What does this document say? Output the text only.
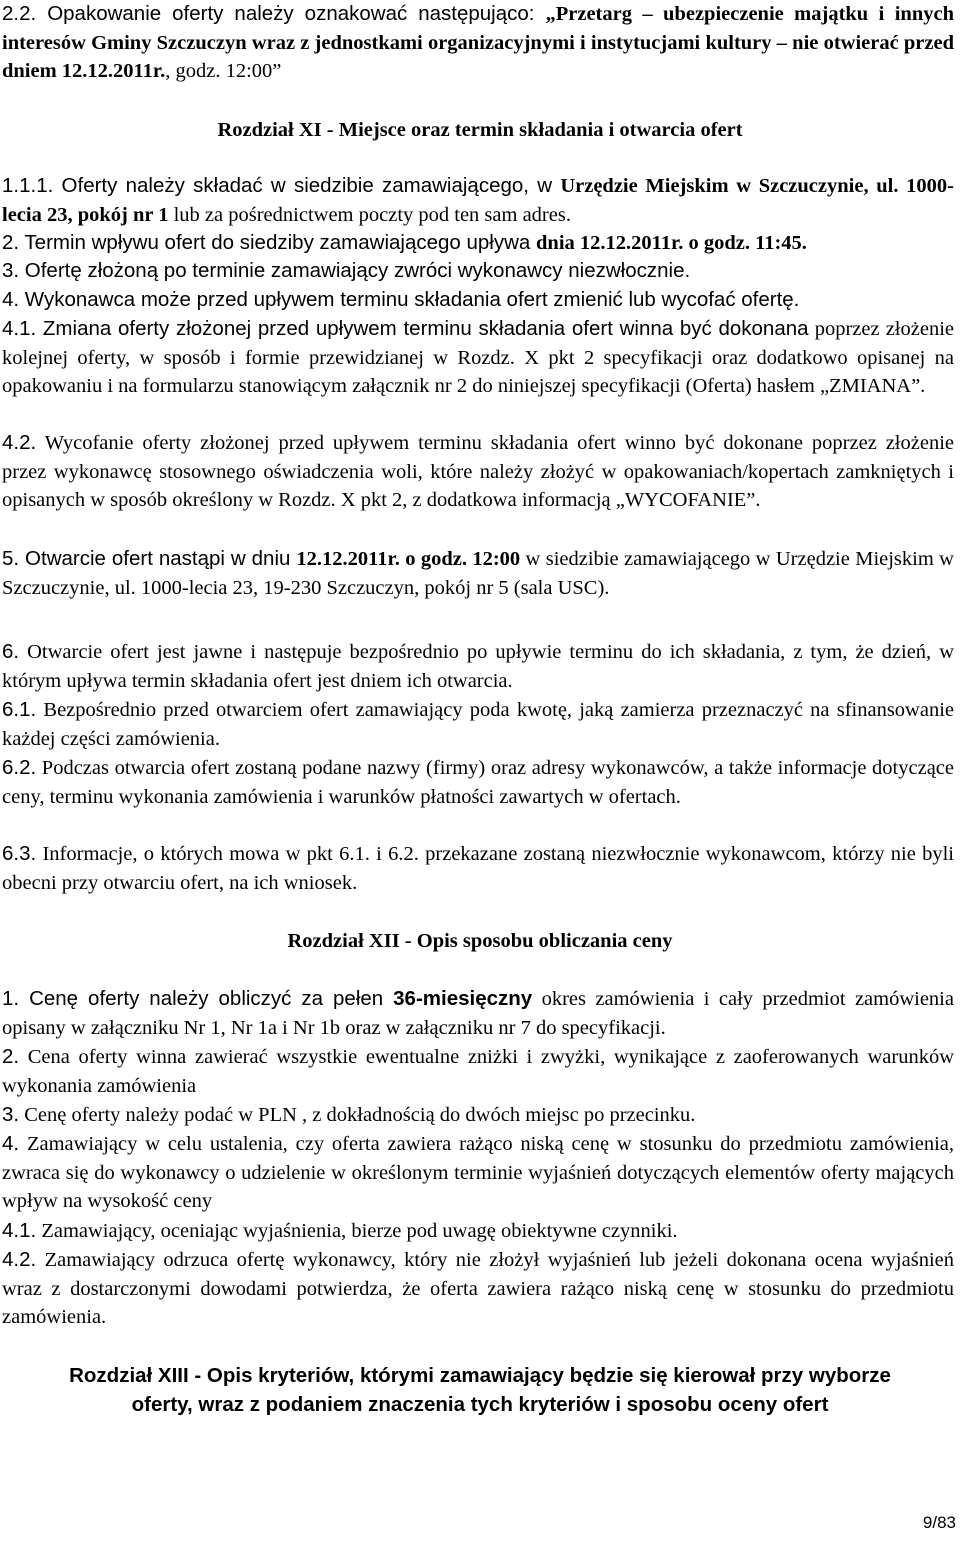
2.2. Opakowanie oferty należy oznakować następująco: „Przetarg – ubezpieczenie majątku i innych interesów Gminy Szczuczyn wraz z jednostkami organizacyjnymi i instytucjami kultury – nie otwierać przed dniem 12.12.2011r., godz. 12:00”
Rozdział XI - Miejsce oraz termin składania i otwarcia ofert
1.1.1. Oferty należy składać w siedzibie zamawiającego, w Urzędzie Miejskim w Szczuczynie, ul. 1000-lecia 23, pokój nr 1 lub za pośrednictwem poczty pod ten sam adres.
2. Termin wpływu ofert do siedziby zamawiającego upływa dnia 12.12.2011r. o godz. 11:45.
3. Ofertę złożoną po terminie zamawiający zwróci wykonawcy niezwłocznie.
4. Wykonawca może przed upływem terminu składania ofert zmienić lub wycofać ofertę.
4.1. Zmiana oferty złożonej przed upływem terminu składania ofert winna być dokonana poprzez złożenie kolejnej oferty, w sposób i formie przewidzianej w Rozdz. X pkt 2 specyfikacji oraz dodatkowo opisanej na opakowaniu i na formularzu stanowiącym załącznik nr 2 do niniejszej specyfikacji (Oferta) hasłem „ZMIANA”.
4.2. Wycofanie oferty złożonej przed upływem terminu składania ofert winno być dokonane poprzez złożenie przez wykonawcę stosownego oświadczenia woli, które należy złożyć w opakowaniach/kopertach zamkniętych i opisanych w sposób określony w Rozdz. X pkt 2, z dodatkowa informacją „WYCOFANIE”.
5. Otwarcie ofert nastąpi w dniu 12.12.2011r. o godz. 12:00 w siedzibie zamawiającego w Urzędzie Miejskim w Szczuczynie, ul. 1000-lecia 23, 19-230 Szczuczyn, pokój nr 5 (sala USC).
6. Otwarcie ofert jest jawne i następuje bezpośrednio po upływie terminu do ich składania, z tym, że dzień, w którym upływa termin składania ofert jest dniem ich otwarcia.
6.1. Bezpośrednio przed otwarciem ofert zamawiający poda kwotę, jaką zamierza przeznaczyć na sfinansowanie każdej części zamówienia.
6.2. Podczas otwarcia ofert zostaną podane nazwy (firmy) oraz adresy wykonawców, a także informacje dotyczące ceny, terminu wykonania zamówienia i warunków płatności zawartych w ofertach.
6.3. Informacje, o których mowa w pkt 6.1. i 6.2. przekazane zostaną niezwłocznie wykonawcom, którzy nie byli obecni przy otwarciu ofert, na ich wniosek.
Rozdział XII - Opis sposobu obliczania ceny
1. Cenę oferty należy obliczyć za pełen 36-miesięczny okres zamówienia i cały przedmiot zamówienia opisany w załączniku Nr 1, Nr 1a i Nr 1b oraz w załączniku nr 7 do specyfikacji.
2. Cena oferty winna zawierać wszystkie ewentualne zniżki i zwyżki, wynikające z zaoferowanych warunków wykonania zamówienia
3. Cenę oferty należy podać w PLN , z dokładnością do dwóch miejsc po przecinku.
4. Zamawiający w celu ustalenia, czy oferta zawiera rażąco niską cenę w stosunku do przedmiotu zamówienia, zwraca się do wykonawcy o udzielenie w określonym terminie wyjaśnień dotyczących elementów oferty mających wpływ na wysokość ceny
4.1. Zamawiający, oceniając wyjaśnienia, bierze pod uwagę obiektywne czynniki.
4.2. Zamawiający odrzuca ofertę wykonawcy, który nie złożył wyjaśnień lub jeżeli dokonana ocena wyjaśnień wraz z dostarczonymi dowodami potwierdza, że oferta zawiera rażąco niską cenę w stosunku do przedmiotu zamówienia.
Rozdział XIII - Opis kryteriów, którymi zamawiający będzie się kierował przy wyborze
oferty, wraz z podaniem znaczenia tych kryteriów i sposobu oceny ofert
9/83
